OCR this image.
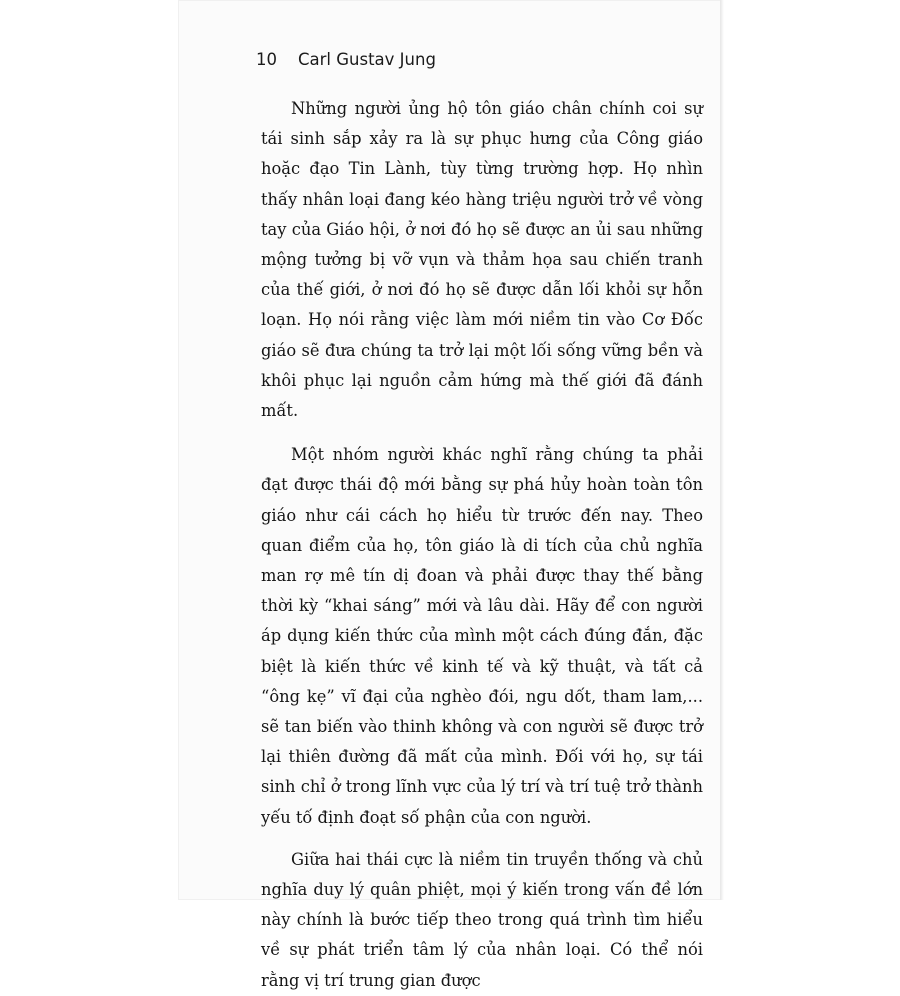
10 Carl Gustav Jung

Những người ủng hộ tôn giáo chân chính coi sự tái sinh sắp xảy ra là sự phục hưng của Công giáo hoặc đạo Tin Lành, tùy từng trường hợp. Họ nhìn thấy nhân loại đang kéo hàng triệu người trở về vòng tay của Giáo hội, ở nơi đó họ sẽ được an ủi sau những mộng tưởng bị vỡ vụn và thảm họa sau chiến tranh của thế giới, ở nơi đó họ sẽ được dẫn lối khỏi sự hỗn loạn. Họ nói rằng việc làm mới niềm tin vào Cơ Đốc giáo sẽ đưa chúng ta trở lại một lối sống vững bền và khôi phục lại nguồn cảm hứng mà thế giới đã đánh mất.

Một nhóm người khác nghĩ rằng chúng ta phải đạt được thái độ mới bằng sự phá hủy hoàn toàn tôn giáo như cái cách họ hiểu từ trước đến nay. Theo quan điểm của họ, tôn giáo là di tích của chủ nghĩa man rợ mê tín dị đoan và phải được thay thế bằng thời kỳ “khai sáng” mới và lâu dài. Hãy để con người áp dụng kiến thức của mình một cách đúng đắn, đặc biệt là kiến thức về kinh tế và kỹ thuật, và tất cả “ông kẹ” vĩ đại của nghèo đói, ngu dốt, tham lam,... sẽ tan biến vào thinh không và con người sẽ được trở lại thiên đường đã mất của mình. Đối với họ, sự tái sinh chỉ ở trong lĩnh vực của lý trí và trí tuệ trở thành yếu tố định đoạt số phận của con người.

Giữa hai thái cực là niềm tin truyền thống và chủ nghĩa duy lý quân phiệt, mọi ý kiến trong vấn đề lớn này chính là bước tiếp theo trong quá trình tìm hiểu về sự phát triển tâm lý của nhân loại. Có thể nói rằng vị trí trung gian được
